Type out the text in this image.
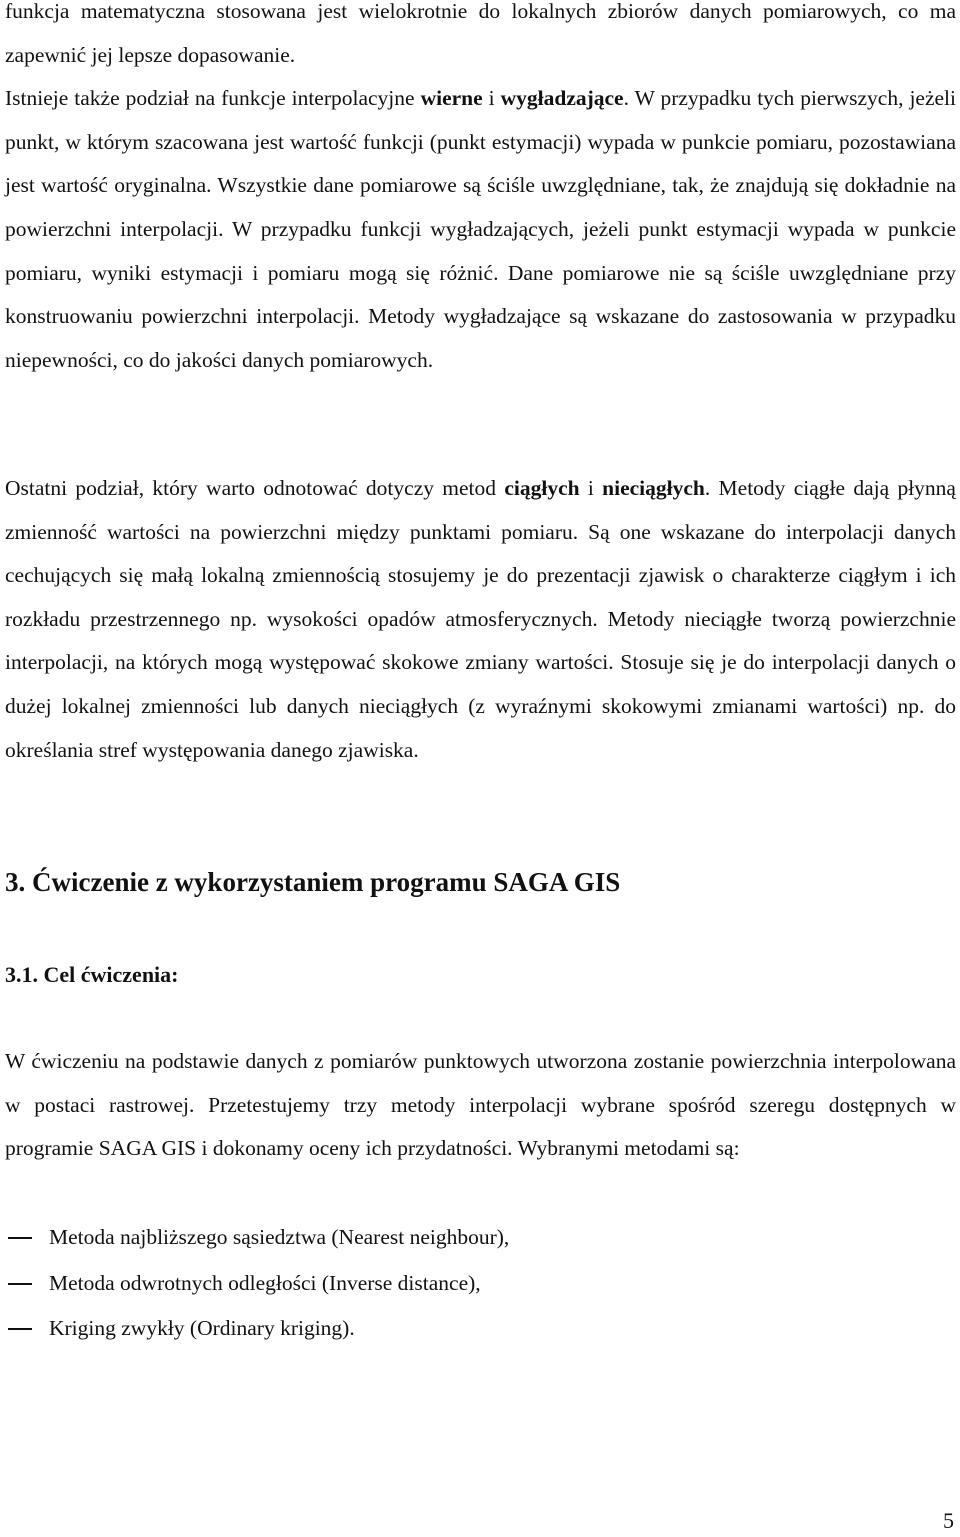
funkcja matematyczna stosowana jest wielokrotnie do lokalnych zbiorów danych pomiarowych, co ma zapewnić jej lepsze dopasowanie.
Istnieje także podział na funkcje interpolacyjne wierne i wygładzające. W przypadku tych pierwszych, jeżeli punkt, w którym szacowana jest wartość funkcji (punkt estymacji) wypada w punkcie pomiaru, pozostawiana jest wartość oryginalna. Wszystkie dane pomiarowe są ściśle uwzględniane, tak, że znajdują się dokładnie na powierzchni interpolacji. W przypadku funkcji wygładzających, jeżeli punkt estymacji wypada w punkcie pomiaru, wyniki estymacji i pomiaru mogą się różnić. Dane pomiarowe nie są ściśle uwzględniane przy konstruowaniu powierzchni interpolacji. Metody wygładzające są wskazane do zastosowania w przypadku niepewności, co do jakości danych pomiarowych.

Ostatni podział, który warto odnotować dotyczy metod ciągłych i nieciągłych. Metody ciągłe dają płynną zmienność wartości na powierzchni między punktami pomiaru. Są one wskazane do interpolacji danych cechujących się małą lokalną zmiennością stosujemy je do prezentacji zjawisk o charakterze ciągłym i ich rozkładu przestrzennego np. wysokości opadów atmosferycznych. Metody nieciągłe tworzą powierzchnie interpolacji, na których mogą występować skokowe zmiany wartości. Stosuje się je do interpolacji danych o dużej lokalnej zmienności lub danych nieciągłych (z wyraźnymi skokowymi zmianami wartości) np. do określania stref występowania danego zjawiska.

3. Ćwiczenie z wykorzystaniem programu SAGA GIS
3.1. Cel ćwiczenia:

W ćwiczeniu na podstawie danych z pomiarów punktowych utworzona zostanie powierzchnia interpolowana w postaci rastrowej. Przetestujemy trzy metody interpolacji wybrane spośród szeregu dostępnych w programie SAGA GIS i dokonamy oceny ich przydatności. Wybranymi metodami są:

Metoda najbliższego sąsiedztwa (Nearest neighbour),
Metoda odwrotnych odległości (Inverse distance),
Kriging zwykły (Ordinary kriging).
5
